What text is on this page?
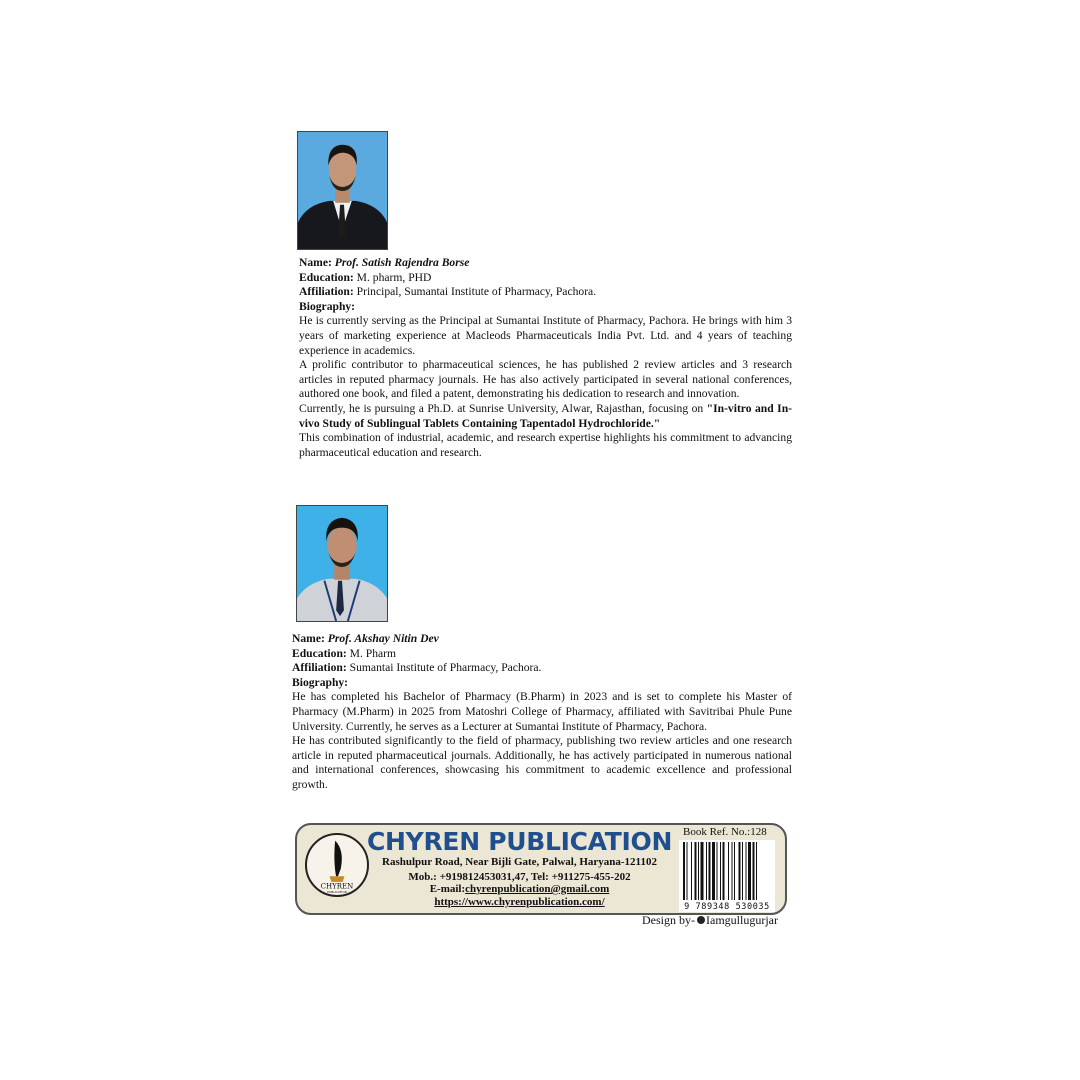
Name: Prof. Satish Rajendra Borse
Education: M. pharm, PHD
Affiliation: Principal, Sumantai Institute of Pharmacy, Pachora.
Biography:

He is currently serving as the Principal at Sumantai Institute of Pharmacy, Pachora. He brings with him 3 years of marketing experience at Macleods Pharmaceuticals India Pvt. Ltd. and 4 years of teaching experience in academics.

A prolific contributor to pharmaceutical sciences, he has published 2 review articles and 3 research articles in reputed pharmacy journals. He has also actively participated in several national conferences, authored one book, and filed a patent, demonstrating his dedication to research and innovation.

Currently, he is pursuing a Ph.D. at Sunrise University, Alwar, Rajasthan, focusing on "In-vitro and In-vivo Study of Sublingual Tablets Containing Tapentadol Hydrochloride."

This combination of industrial, academic, and research expertise highlights his commitment to advancing pharmaceutical education and research.

Name: Prof. Akshay Nitin Dev
Education: M. Pharm
Affiliation: Sumantai Institute of Pharmacy, Pachora.
Biography:

He has completed his Bachelor of Pharmacy (B.Pharm) in 2023 and is set to complete his Master of Pharmacy (M.Pharm) in 2025 from Matoshri College of Pharmacy, affiliated with Savitribai Phule Pune University. Currently, he serves as a Lecturer at Sumantai Institute of Pharmacy, Pachora.

He has contributed significantly to the field of pharmacy, publishing two review articles and one research article in reputed pharmaceutical journals. Additionally, he has actively participated in numerous national and international conferences, showcasing his commitment to academic excellence and professional growth.

CHYREN
PUBLICATION
CHYREN PUBLICATION
Rashulpur Road, Near Bijli Gate, Palwal, Haryana-121102
Mob.: +919812453031,47, Tel: +911275-455-202
E-mail:chyrenpublication@gmail.com
https://www.chyrenpublication.com/
Book Ref. No.:128
9 789348 530035
Design by- Iamgullugurjar
